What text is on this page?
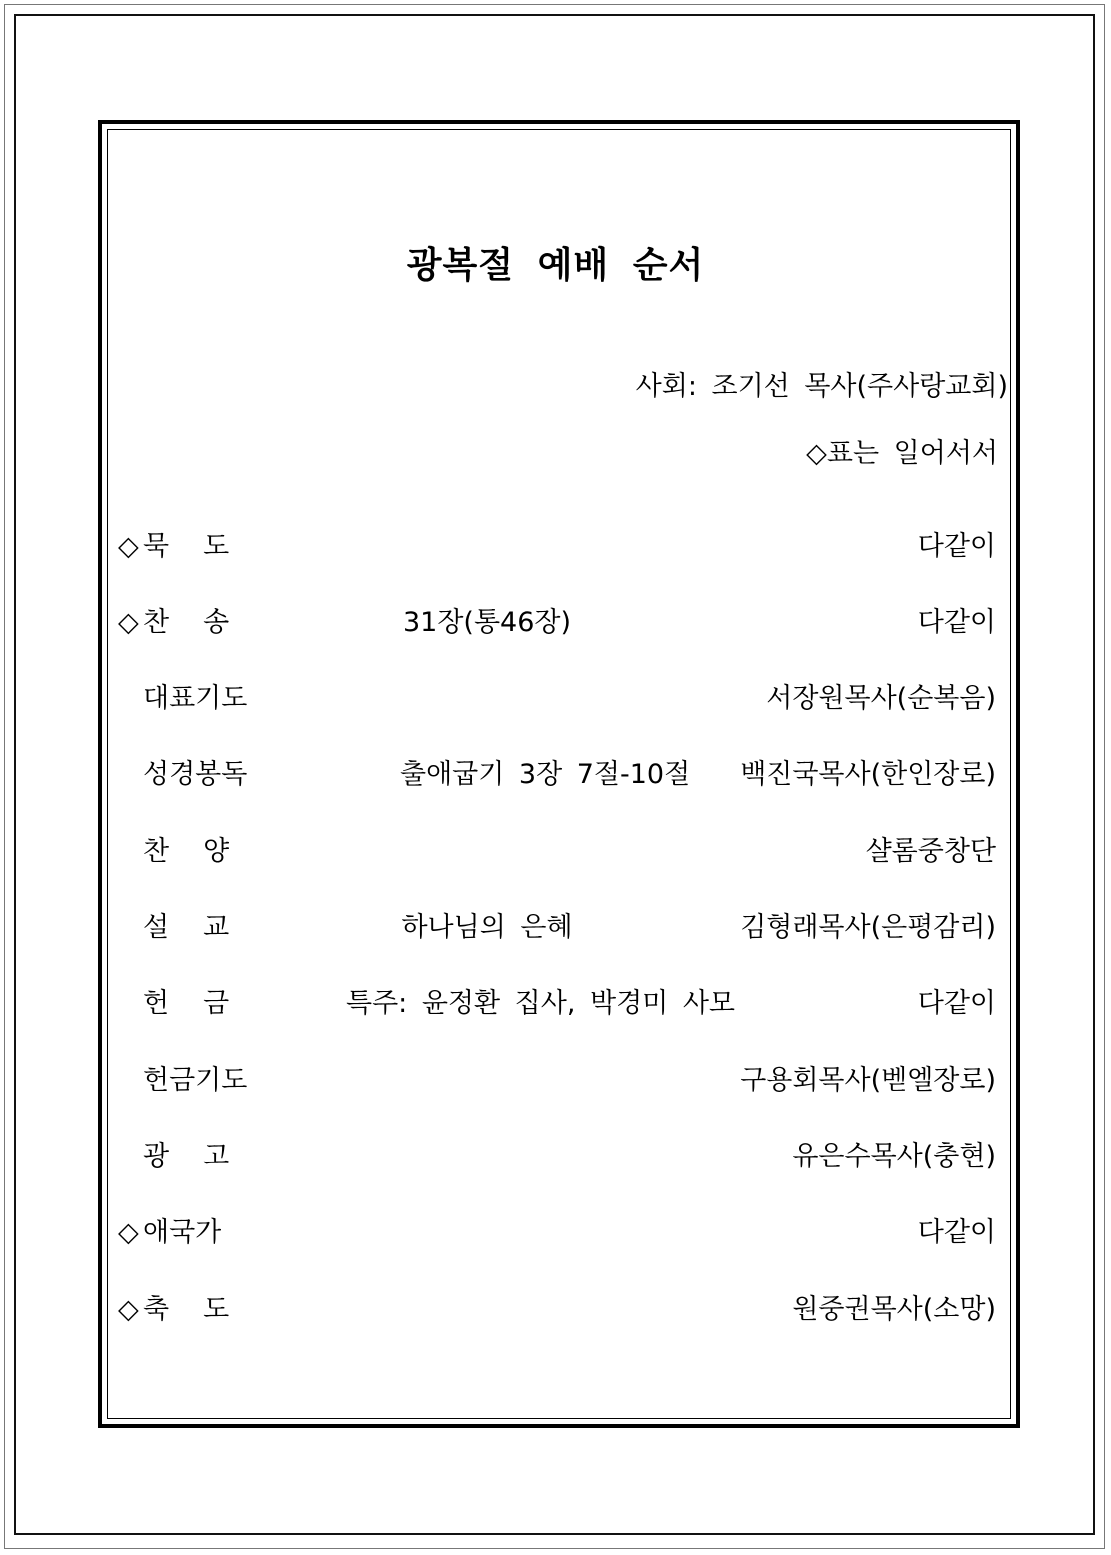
광복절 예배 순서
사회: 조기선 목사(주사랑교회)
◇표는 일어서서
◇ 묵도	다같이
◇ 찬송	31장(통46장)	다같이
대표기도	서장원목사(순복음)
성경봉독	출애굽기 3장 7절-10절 백진국목사(한인장로)
찬양	샬롬중창단
설교	하나님의 은혜	김형래목사(은평감리)
헌금	특주: 윤정환 집사, 박경미 사모	다같이
헌금기도	구용회목사(벧엘장로)
광고	유은수목사(충현)
◇ 애국가	다같이
◇ 축도	원중권목사(소망)
